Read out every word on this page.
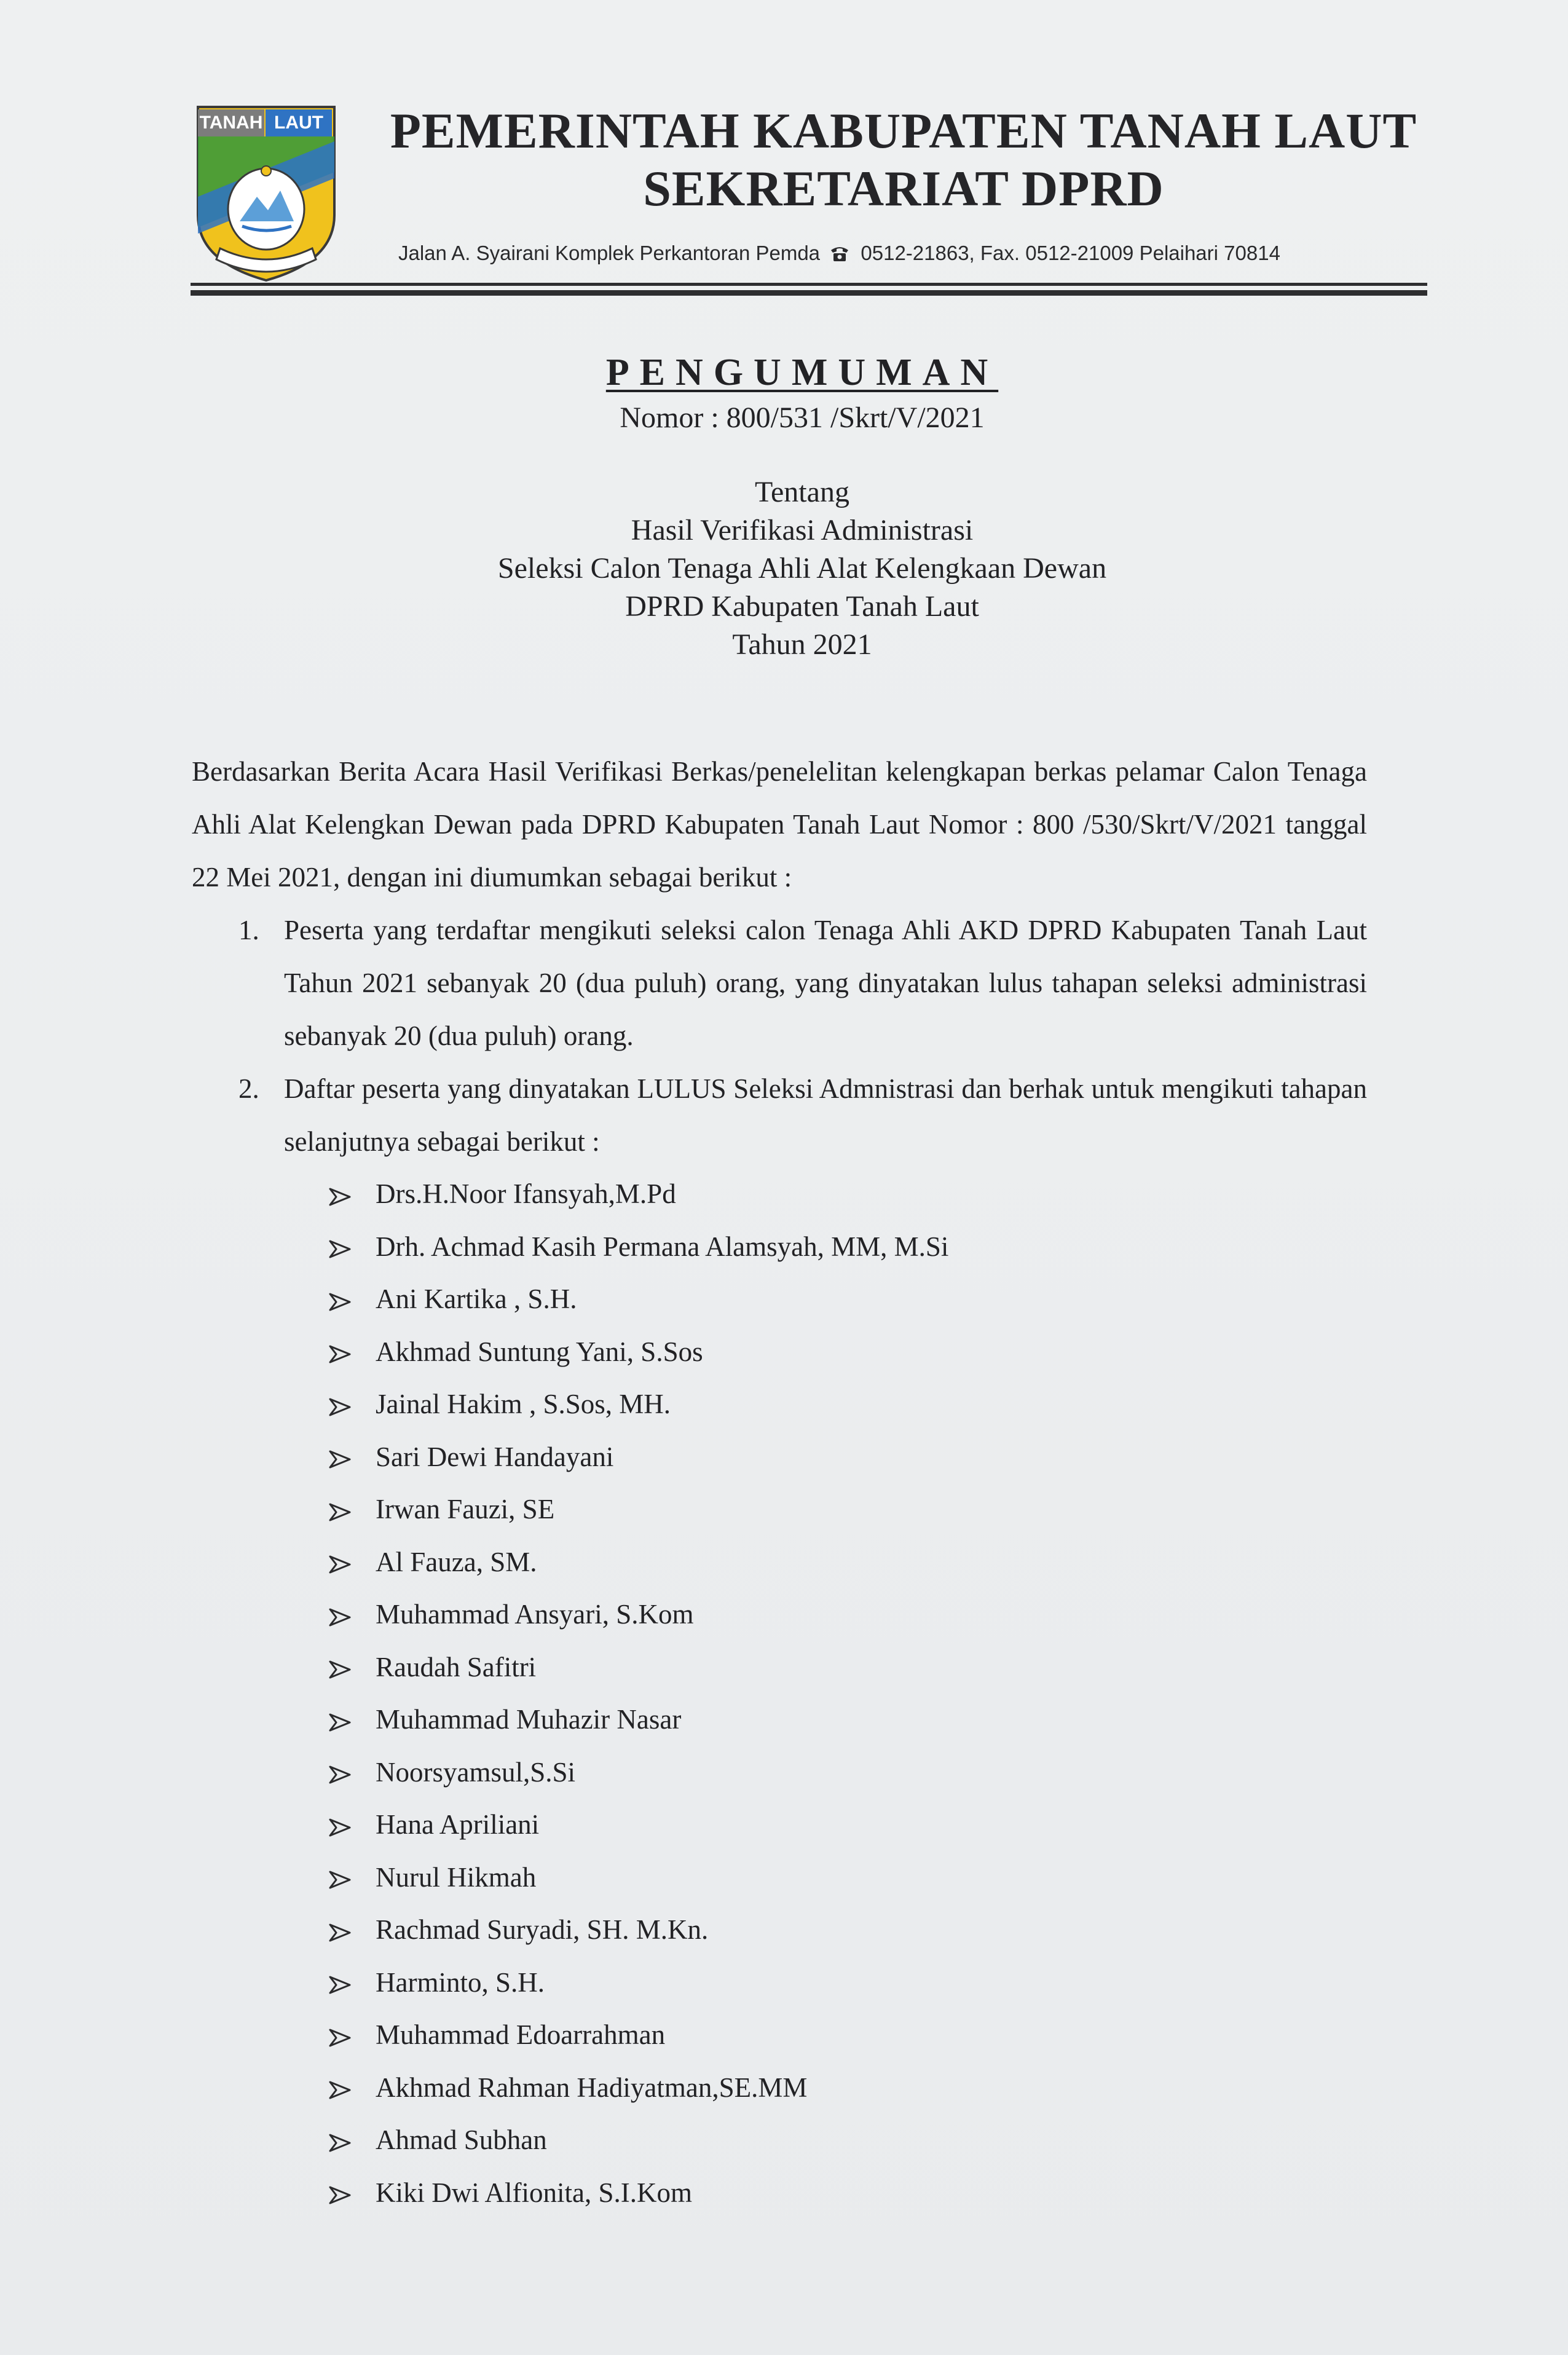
TANAH LAUT	PEMERINTAH KABUPATEN TANAH LAUT
SEKRETARIAT DPRD
Jalan A. Syairani Komplek Perkantoran Pemda 0512-21863, Fax. 0512-21009 Pelaihari 70814
PENGUMUMAN
Nomor : 800/531 /Skrt/V/2021
Tentang
Hasil Verifikasi Administrasi
Seleksi Calon Tenaga Ahli Alat Kelengkaan Dewan
DPRD Kabupaten Tanah Laut
Tahun 2021
Berdasarkan Berita Acara Hasil Verifikasi Berkas/penelelitan kelengkapan berkas pelamar Calon Tenaga Ahli Alat Kelengkan Dewan pada DPRD Kabupaten Tanah Laut Nomor : 800 /530/Skrt/V/2021 tanggal 22 Mei 2021, dengan ini diumumkan sebagai berikut :
1. Peserta yang terdaftar mengikuti seleksi calon Tenaga Ahli AKD DPRD Kabupaten Tanah Laut Tahun 2021 sebanyak 20 (dua puluh) orang, yang dinyatakan lulus tahapan seleksi administrasi sebanyak 20 (dua puluh) orang.
2. Daftar peserta yang dinyatakan LULUS Seleksi Admnistrasi dan berhak untuk mengikuti tahapan selanjutnya sebagai berikut :
Drs.H.Noor Ifansyah,M.Pd
Drh. Achmad Kasih Permana Alamsyah, MM, M.Si
Ani Kartika , S.H.
Akhmad Suntung Yani, S.Sos
Jainal Hakim , S.Sos, MH.
Sari Dewi Handayani
Irwan Fauzi, SE
Al Fauza, SM.
Muhammad Ansyari, S.Kom
Raudah Safitri
Muhammad Muhazir Nasar
Noorsyamsul,S.Si
Hana Apriliani
Nurul Hikmah
Rachmad Suryadi, SH. M.Kn.
Harminto, S.H.
Muhammad Edoarrahman
Akhmad Rahman Hadiyatman,SE.MM
Ahmad Subhan
Kiki Dwi Alfionita, S.I.Kom
